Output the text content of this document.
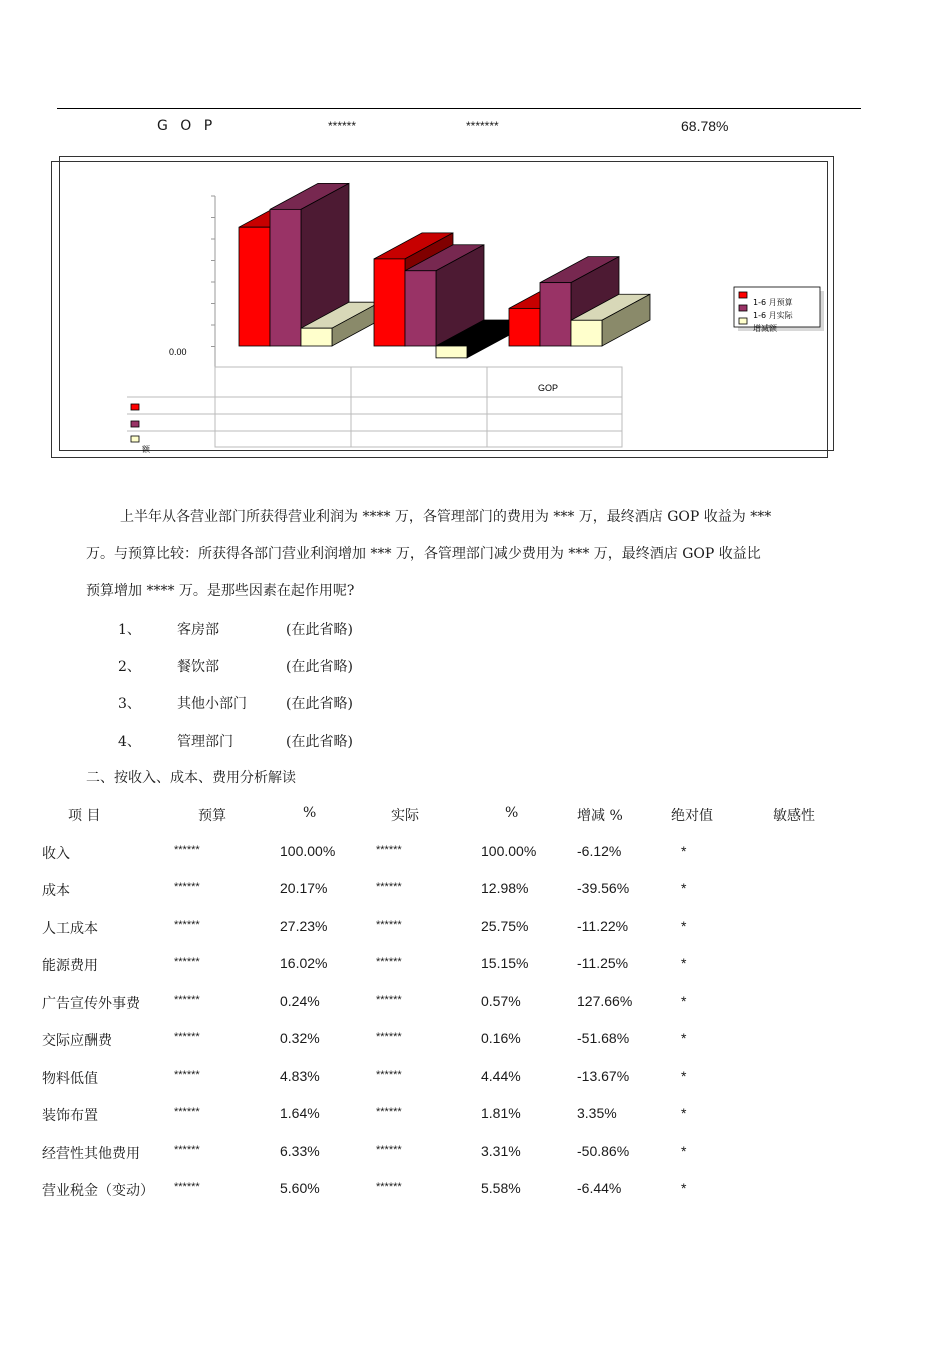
G O P	******	*******	68.78%
0.00
GOP
额
1-6 月预算
1-6 月实际
增减额
上半年从各营业部门所获得营业利润为 **** 万，各管理部门的费用为 *** 万，最终酒店 GOP 收益为 ***
万。与预算比较：所获得各部门营业利润增加 *** 万，各管理部门减少费用为 *** 万，最终酒店 GOP 收益比
预算增加 **** 万。是那些因素在起作用呢?
1、	客房部	(在此省略)
2、	餐饮部	(在此省略)
3、	其他小部门	(在此省略)
4、	管理部门	(在此省略)
二、按收入、成本、费用分析解读
项 目	预算	%	实际	%	增减 %	绝对值	敏感性
收入	******	100.00%	******	100.00%	-6.12%	*
成本	******	20.17%	******	12.98%	-39.56%	*
人工成本	******	27.23%	******	25.75%	-11.22%	*
能源费用	******	16.02%	******	15.15%	-11.25%	*
广告宣传外事费	******	0.24%	******	0.57%	127.66%	*
交际应酬费	******	0.32%	******	0.16%	-51.68%	*
物料低值	******	4.83%	******	4.44%	-13.67%	*
装饰布置	******	1.64%	******	1.81%	3.35%	*
经营性其他费用	******	6.33%	******	3.31%	-50.86%	*
营业税金（变动） ******	5.60%	******	5.58%	-6.44%	*
